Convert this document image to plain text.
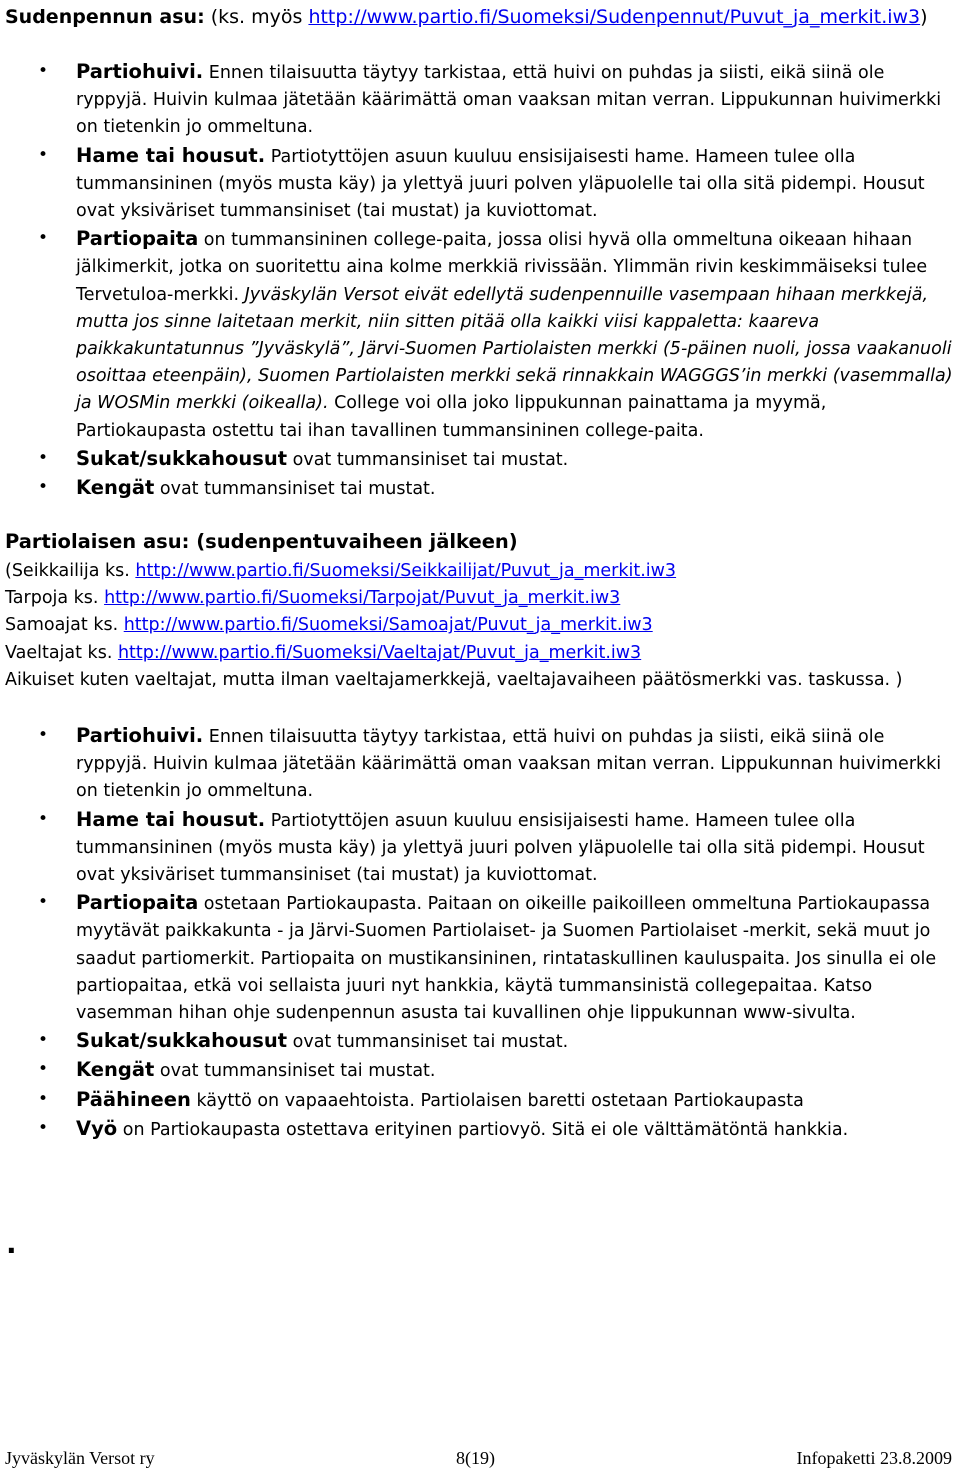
Sudenpennun asu: (ks. myös http://www.partio.fi/Suomeksi/Sudenpennut/Puvut_ja_merkit.iw3)
• Partiohuivi. Ennen tilaisuutta täytyy tarkistaa, että huivi on puhdas ja siisti, eikä siinä ole ryppyjä. Huivin kulmaa jätetään käärimättä oman vaaksan mitan verran. Lippukunnan huivimerkki on tietenkin jo ommeltuna.
• Hame tai housut. Partiotyttöjen asuun kuuluu ensisijaisesti hame. Hameen tulee olla tummansininen (myös musta käy) ja ylettyä juuri polven yläpuolelle tai olla sitä pidempi. Housut ovat yksiväriset tummansiniset (tai mustat) ja kuviottomat.
• Partiopaita on tummansininen college-paita, jossa olisi hyvä olla ommeltuna oikeaan hihaan jälkimerkit, jotka on suoritettu aina kolme merkkiä rivissään. Ylimmän rivin keskimmäiseksi tulee Tervetuloa-merkki. Jyväskylän Versot eivät edellytä sudenpennuille vasempaan hihaan merkkejä, mutta jos sinne laitetaan merkit, niin sitten pitää olla kaikki viisi kappaletta: kaareva paikkakuntatunnus ”Jyväskylä”, Järvi-Suomen Partiolaisten merkki (5-päinen nuoli, jossa vaakanuoli osoittaa eteenpäin), Suomen Partiolaisten merkki sekä rinnakkain WAGGGS’in merkki (vasemmalla) ja WOSMin merkki (oikealla). College voi olla joko lippukunnan painattama ja myymä, Partiokaupasta ostettu tai ihan tavallinen tummansininen college-paita.
• Sukat/sukkahousut ovat tummansiniset tai mustat.
• Kengät ovat tummansiniset tai mustat.
Partiolaisen asu: (sudenpentuvaiheen jälkeen)
(Seikkailija ks. http://www.partio.fi/Suomeksi/Seikkailijat/Puvut_ja_merkit.iw3
Tarpoja ks. http://www.partio.fi/Suomeksi/Tarpojat/Puvut_ja_merkit.iw3
Samoajat ks. http://www.partio.fi/Suomeksi/Samoajat/Puvut_ja_merkit.iw3
Vaeltajat ks. http://www.partio.fi/Suomeksi/Vaeltajat/Puvut_ja_merkit.iw3
Aikuiset kuten vaeltajat, mutta ilman vaeltajamerkkejä, vaeltajavaiheen päätösmerkki vas. taskussa. )
• Partiohuivi. Ennen tilaisuutta täytyy tarkistaa, että huivi on puhdas ja siisti, eikä siinä ole ryppyjä. Huivin kulmaa jätetään käärimättä oman vaaksan mitan verran. Lippukunnan huivimerkki on tietenkin jo ommeltuna.
• Hame tai housut. Partiotyttöjen asuun kuuluu ensisijaisesti hame. Hameen tulee olla tummansininen (myös musta käy) ja ylettyä juuri polven yläpuolelle tai olla sitä pidempi. Housut ovat yksiväriset tummansiniset (tai mustat) ja kuviottomat.
• Partiopaita ostetaan Partiokaupasta. Paitaan on oikeille paikoilleen ommeltuna Partiokaupassa myytävät paikkakunta - ja Järvi-Suomen Partiolaiset- ja Suomen Partiolaiset -merkit, sekä muut jo saadut partiomerkit. Partiopaita on mustikansininen, rintataskullinen kauluspaita. Jos sinulla ei ole partiopaitaa, etkä voi sellaista juuri nyt hankkia, käytä tummansinistä collegepaitaa. Katso vasemman hihan ohje sudenpennun asusta tai kuvallinen ohje lippukunnan www-sivulta.
• Sukat/sukkahousut ovat tummansiniset tai mustat.
• Kengät ovat tummansiniset tai mustat.
• Päähineen käyttö on vapaaehtoista. Partiolaisen baretti ostetaan Partiokaupasta
• Vyö on Partiokaupasta ostettava erityinen partiovyö. Sitä ei ole välttämätöntä hankkia.
.
Jyväskylän Versot ry	8(19)	Infopaketti 23.8.2009
